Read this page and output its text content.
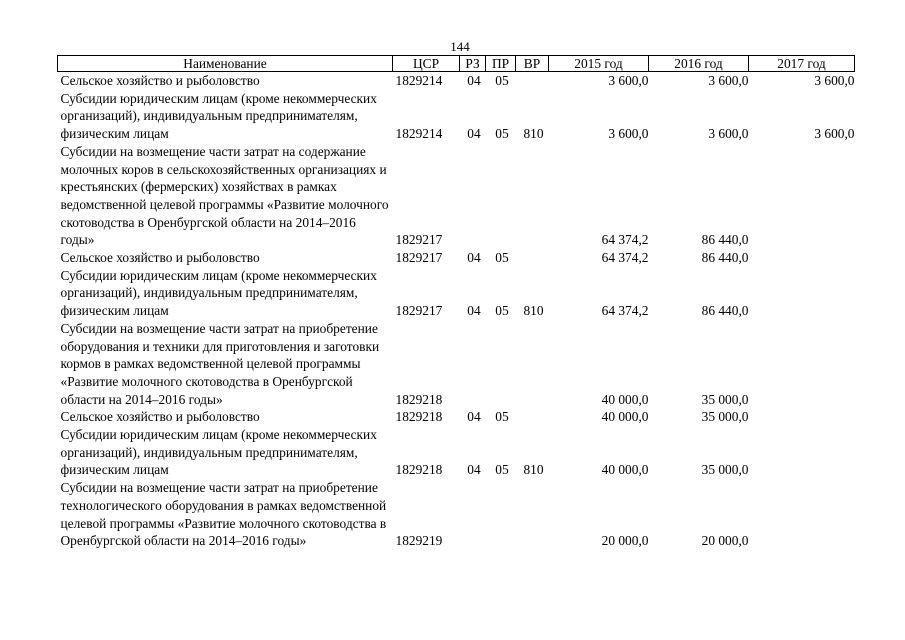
144
Наименование	ЦСР	РЗ	ПР	ВР	2015 год	2016 год	2017 год
Сельское хозяйство и рыболовство	1829214	04	05		3 600,0	3 600,0	3 600,0
Субсидии юридическим лицам (кроме некоммерческих организаций), индивидуальным предпринимателям, физическим лицам	1829214	04	05	810	3 600,0	3 600,0	3 600,0
Субсидии на возмещение части затрат на содержание молочных коров в сельскохозяйственных организациях и крестьянских (фермерских) хозяйствах в рамках ведомственной целевой программы «Развитие молочного скотоводства в Оренбургской области на 2014–2016 годы»	1829217				64 374,2	86 440,0	
Сельское хозяйство и рыболовство	1829217	04	05		64 374,2	86 440,0	
Субсидии юридическим лицам (кроме некоммерческих организаций), индивидуальным предпринимателям, физическим лицам	1829217	04	05	810	64 374,2	86 440,0	
Субсидии на возмещение части затрат на приобретение оборудования и техники для приготовления и заготовки кормов в рамках ведомственной целевой программы «Развитие молочного скотоводства в Оренбургской области на 2014–2016 годы»	1829218				40 000,0	35 000,0	
Сельское хозяйство и рыболовство	1829218	04	05		40 000,0	35 000,0	
Субсидии юридическим лицам (кроме некоммерческих организаций), индивидуальным предпринимателям, физическим лицам	1829218	04	05	810	40 000,0	35 000,0	
Субсидии на возмещение части затрат на приобретение технологического оборудования в рамках ведомственной целевой программы «Развитие молочного скотоводства в Оренбургской области на 2014–2016 годы»	1829219				20 000,0	20 000,0	
